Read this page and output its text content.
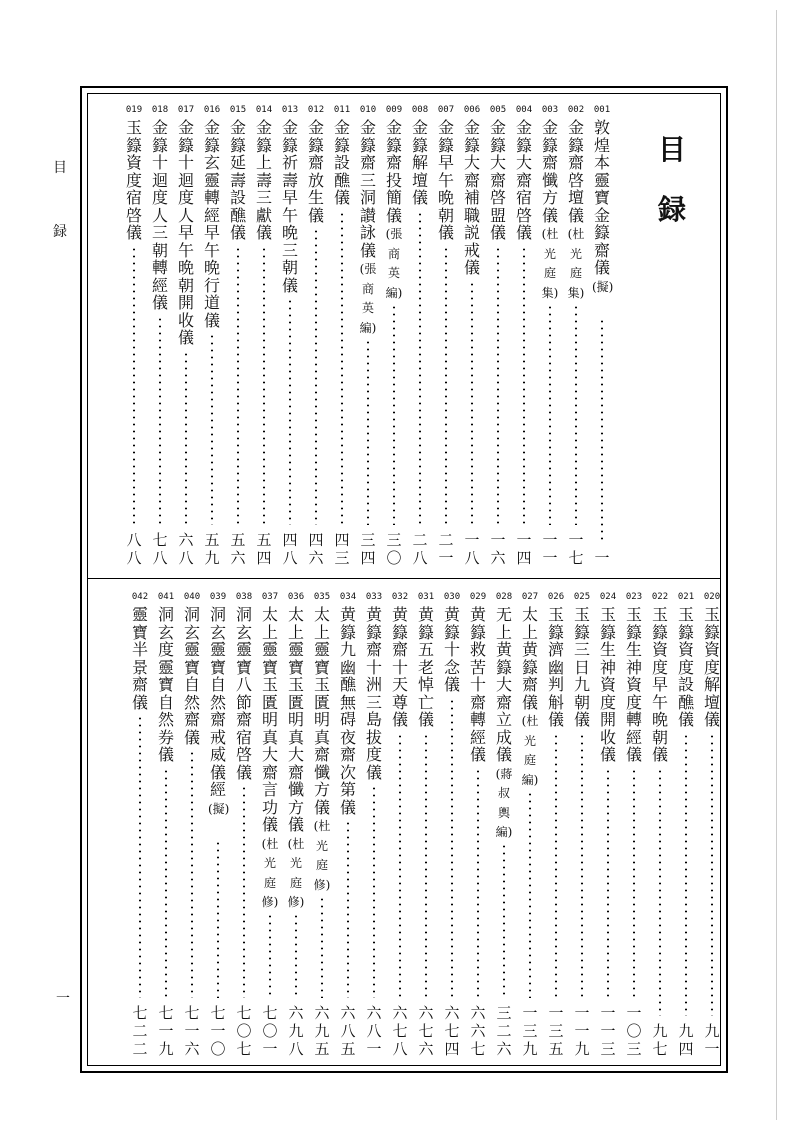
目
録
一
目
録
001
敦煌本靈寶金籙齋儀(擬)
一
002
金籙齋啓壇儀(杜光庭集)
一
七
003
金籙齋懺方儀(杜光庭集)
一
一
004
金籙大齋宿啓儀
一
四
005
金籙大齋啓盟儀
一
六
006
金籙大齋補職説戒儀
一
八
007
金籙早午晩朝儀
二
一
008
金籙解壇儀
二
八
009
金籙齋投簡儀(張商英編)
三
〇
010
金籙齋三洞讃詠儀(張商英編)
三
四
011
金籙設醮儀
四
三
012
金籙齋放生儀
四
六
013
金籙祈壽早午晩三朝儀
四
八
014
金籙上壽三獻儀
五
四
015
金籙延壽設醮儀
五
六
016
金籙玄靈轉經早午晩行道儀
五
九
017
金籙十迴度人早午晩朝開收儀
六
八
018
金籙十迴度人三朝轉經儀
七
八
019
玉籙資度宿啓儀
八
八
020
玉籙資度解壇儀
九
一
021
玉籙資度設醮儀
九
四
022
玉籙資度早午晩朝儀
九
七
023
玉籙生神資度轉經儀
一
〇
三
024
玉籙生神資度開收儀
一
一
三
025
玉籙三日九朝儀
一
一
九
026
玉籙濟幽判斛儀
一
三
五
027
太上黄籙齋儀(杜光庭編)
一
三
九
028
无上黄籙大齋立成儀(蔣叔輿編)
三
二
六
029
黄籙救苦十齋轉經儀
六
六
七
030
黄籙十念儀
六
七
四
031
黄籙五老悼亡儀
六
七
六
032
黄籙齋十天尊儀
六
七
八
033
黄籙齋十洲三島拔度儀
六
八
一
034
黄籙九幽醮無碍夜齋次第儀
六
八
五
035
太上靈寶玉匱明真齋懺方儀(杜光庭修)
六
九
五
036
太上靈寶玉匱明真大齋懺方儀(杜光庭修)
六
九
八
037
太上靈寶玉匱明真大齋言功儀(杜光庭修)
七
〇
一
038
洞玄靈寶八節齋宿啓儀
七
〇
七
039
洞玄靈寶自然齋戒威儀經(擬)
七
一
〇
040
洞玄靈寶自然齋儀
七
一
六
041
洞玄度靈寶自然券儀
七
一
九
042
靈寶半景齋儀
七
二
二
